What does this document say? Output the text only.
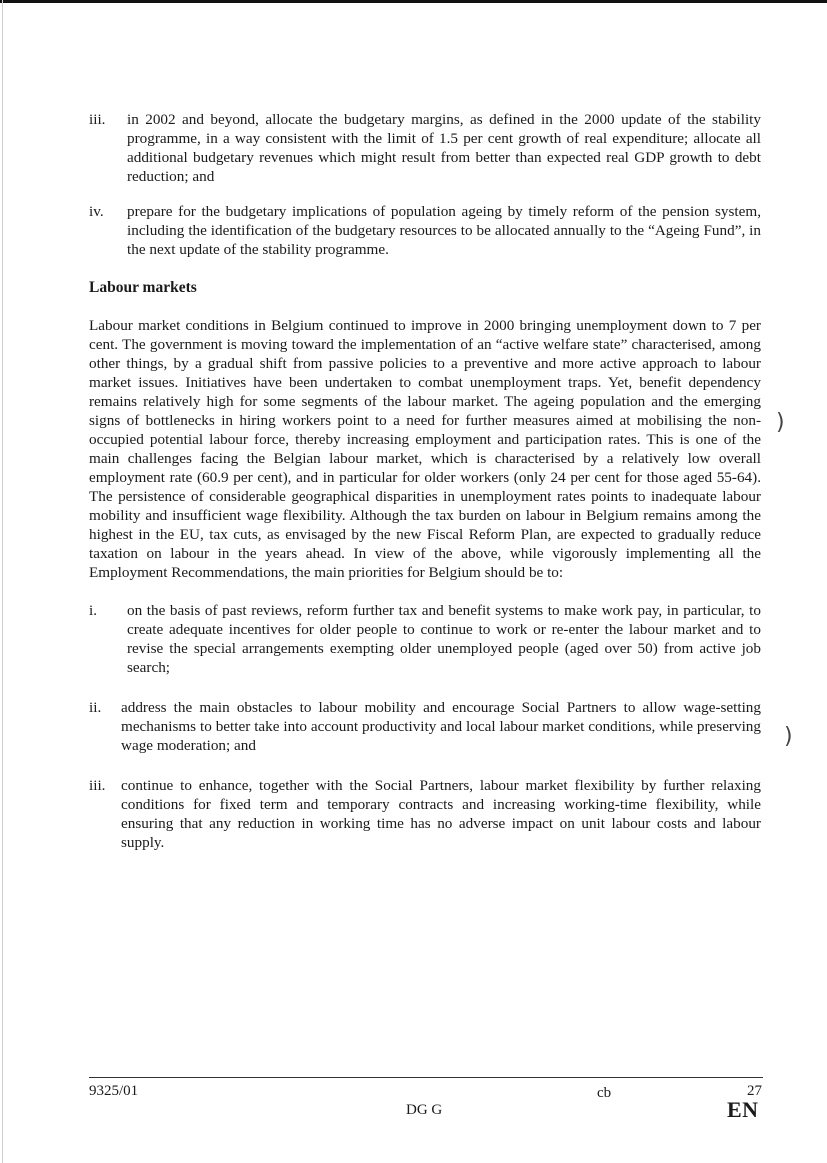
iii. in 2002 and beyond, allocate the budgetary margins, as defined in the 2000 update of the stability programme, in a way consistent with the limit of 1.5 per cent growth of real expenditure; allocate all additional budgetary revenues which might result from better than expected real GDP growth to debt reduction; and
iv. prepare for the budgetary implications of population ageing by timely reform of the pension system, including the identification of the budgetary resources to be allocated annually to the “Ageing Fund”, in the next update of the stability programme.
Labour markets

Labour market conditions in Belgium continued to improve in 2000 bringing unemployment down to 7 per cent. The government is moving toward the implementation of an “active welfare state” characterised, among other things, by a gradual shift from passive policies to a preventive and more active approach to labour market issues. Initiatives have been undertaken to combat unemployment traps. Yet, benefit dependency remains relatively high for some segments of the labour market. The ageing population and the emerging signs of bottlenecks in hiring workers point to a need for further measures aimed at mobilising the non-occupied potential labour force, thereby increasing employment and participation rates. This is one of the main challenges facing the Belgian labour market, which is characterised by a relatively low overall employment rate (60.9 per cent), and in particular for older workers (only 24 per cent for those aged 55-64). The persistence of considerable geographical disparities in unemployment rates points to inadequate labour mobility and insufficient wage flexibility. Although the tax burden on labour in Belgium remains among the highest in the EU, tax cuts, as envisaged by the new Fiscal Reform Plan, are expected to gradually reduce taxation on labour in the years ahead. In view of the above, while vigorously implementing all the Employment Recommendations, the main priorities for Belgium should be to:

i. on the basis of past reviews, reform further tax and benefit systems to make work pay, in particular, to create adequate incentives for older people to continue to work or re-enter the labour market and to revise the special arrangements exempting older unemployed people (aged over 50) from active job search;
ii. address the main obstacles to labour mobility and encourage Social Partners to allow wage-setting mechanisms to better take into account productivity and local labour market conditions, while preserving wage moderation; and
iii. continue to enhance, together with the Social Partners, labour market flexibility by further relaxing conditions for fixed term and temporary contracts and increasing working-time flexibility, while ensuring that any reduction in working time has no adverse impact on unit labour costs and labour supply.
)
)
9325/01	cb	27
DG G	EN
